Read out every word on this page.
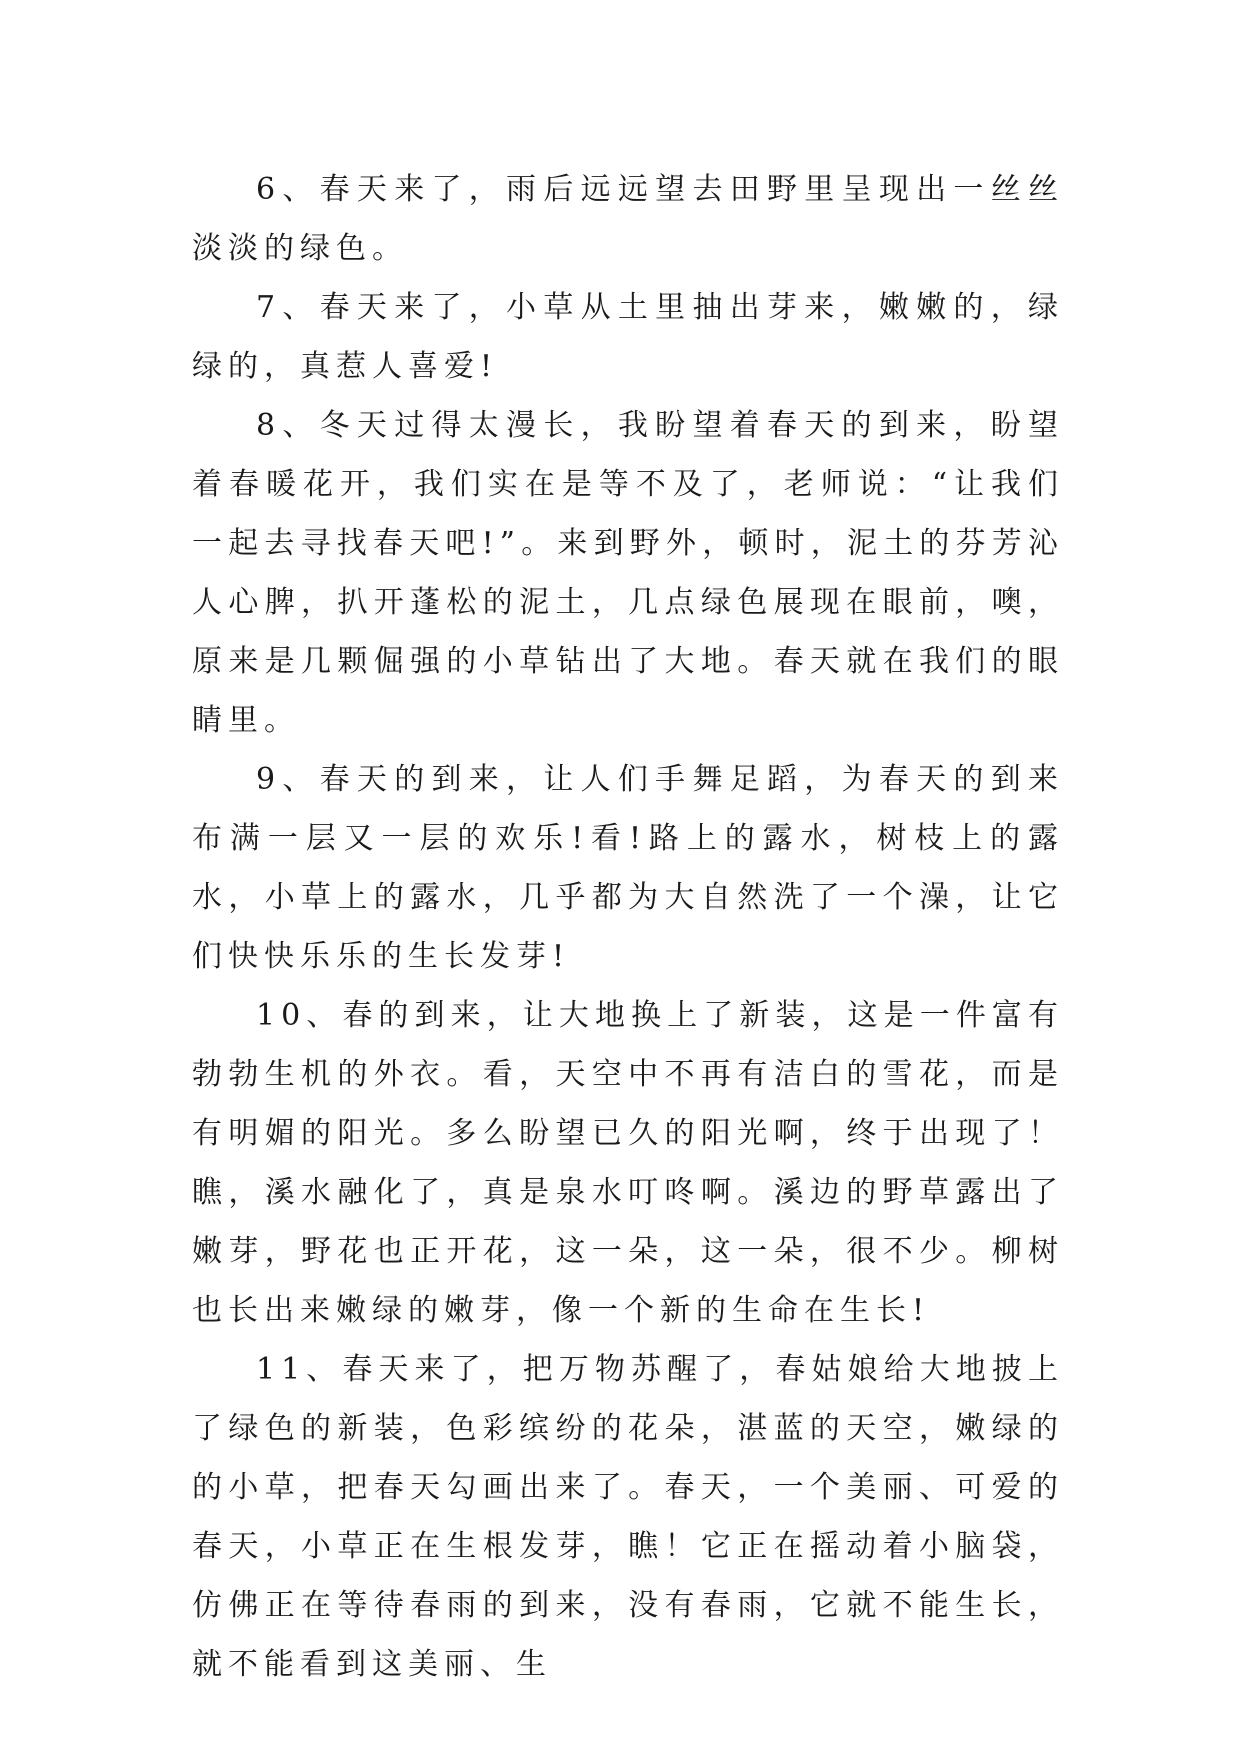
6、春天来了，雨后远远望去田野里呈现出一丝丝淡淡的绿色。

7、春天来了，小草从土里抽出芽来，嫩嫩的，绿绿的，真惹人喜爱!

8、冬天过得太漫长，我盼望着春天的到来，盼望着春暖花开，我们实在是等不及了，老师说：“让我们一起去寻找春天吧!”。来到野外，顿时，泥土的芬芳沁人心脾，扒开蓬松的泥土，几点绿色展现在眼前，噢，原来是几颗倔强的小草钻出了大地。春天就在我们的眼睛里。

9、春天的到来，让人们手舞足蹈，为春天的到来布满一层又一层的欢乐!看!路上的露水，树枝上的露水，小草上的露水，几乎都为大自然洗了一个澡，让它们快快乐乐的生长发芽!

10、春的到来，让大地换上了新装，这是一件富有勃勃生机的外衣。看，天空中不再有洁白的雪花，而是有明媚的阳光。多么盼望已久的阳光啊，终于出现了！瞧，溪水融化了，真是泉水叮咚啊。溪边的野草露出了嫩芽，野花也正开花，这一朵，这一朵，很不少。柳树也长出来嫩绿的嫩芽，像一个新的生命在生长!

11、春天来了，把万物苏醒了，春姑娘给大地披上了绿色的新装，色彩缤纷的花朵，湛蓝的天空，嫩绿的的小草，把春天勾画出来了。春天，一个美丽、可爱的春天，小草正在生根发芽，瞧！它正在摇动着小脑袋，仿佛正在等待春雨的到来，没有春雨，它就不能生长，就不能看到这美丽、生
